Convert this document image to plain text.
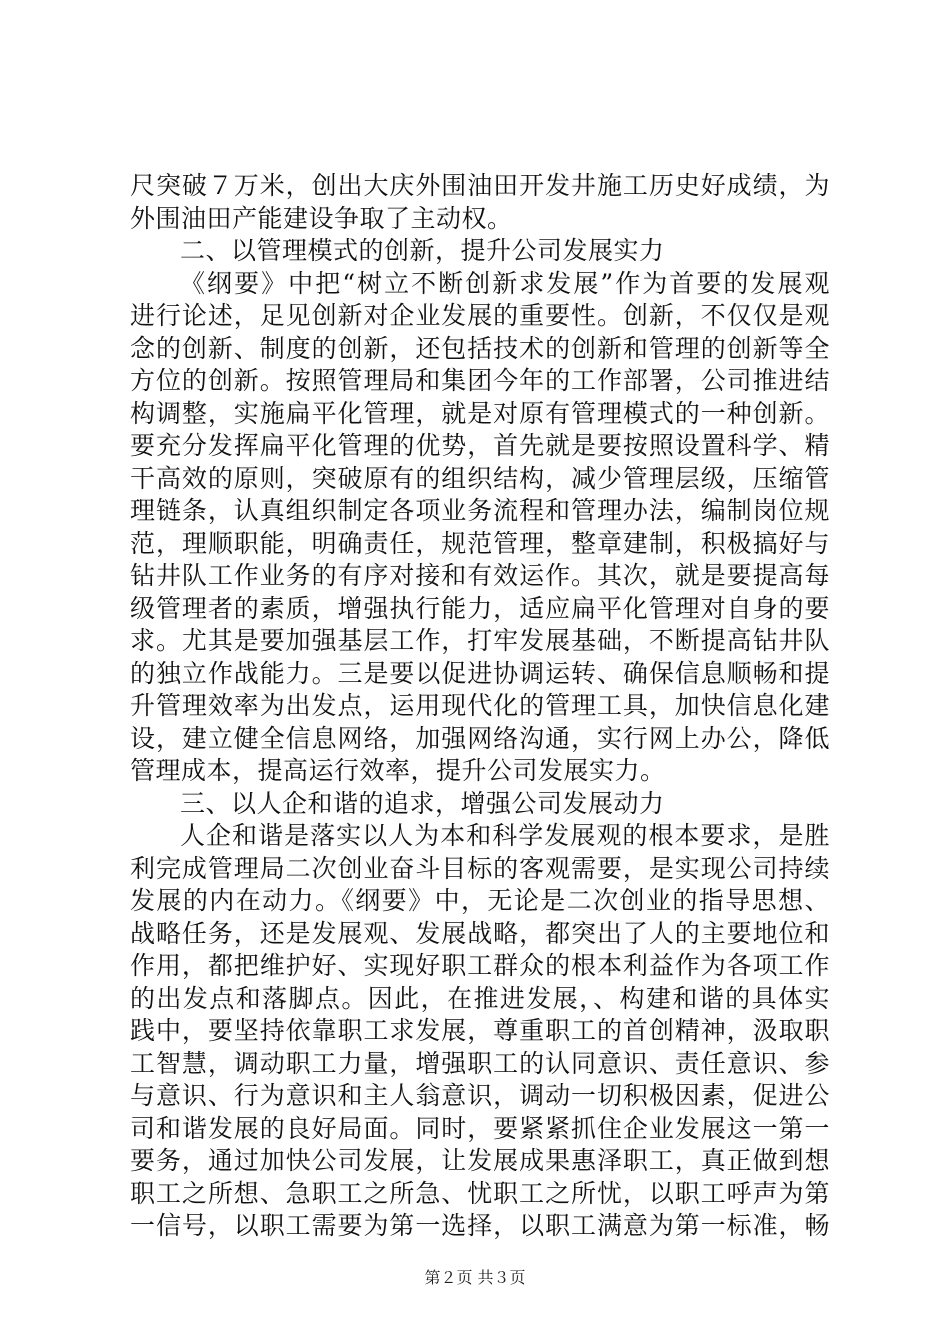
尺突破７万米，创出大庆外围油田开发井施工历史好成绩，为
外围油田产能建设争取了主动权。
二、以管理模式的创新，提升公司发展实力
《纲要》中把“树立不断创新求发展”作为首要的发展观
进行论述，足见创新对企业发展的重要性。创新，不仅仅是观
念的创新、制度的创新，还包括技术的创新和管理的创新等全
方位的创新。按照管理局和集团今年的工作部署，公司推进结
构调整，实施扁平化管理，就是对原有管理模式的一种创新。
要充分发挥扁平化管理的优势，首先就是要按照设置科学、精
干高效的原则，突破原有的组织结构，减少管理层级，压缩管
理链条，认真组织制定各项业务流程和管理办法，编制岗位规
范，理顺职能，明确责任，规范管理，整章建制，积极搞好与
钻井队工作业务的有序对接和有效运作。其次，就是要提高每
级管理者的素质，增强执行能力，适应扁平化管理对自身的要
求。尤其是要加强基层工作，打牢发展基础，不断提高钻井队
的独立作战能力。三是要以促进协调运转、确保信息顺畅和提
升管理效率为出发点，运用现代化的管理工具，加快信息化建
设，建立健全信息网络，加强网络沟通，实行网上办公，降低
管理成本，提高运行效率，提升公司发展实力。
三、以人企和谐的追求，增强公司发展动力
人企和谐是落实以人为本和科学发展观的根本要求，是胜
利完成管理局二次创业奋斗目标的客观需要，是实现公司持续
发展的内在动力。《纲要》中，无论是二次创业的指导思想、
战略任务，还是发展观、发展战略，都突出了人的主要地位和
作用，都把维护好、实现好职工群众的根本利益作为各项工作
的出发点和落脚点。因此，在推进发展，、构建和谐的具体实
践中，要坚持依靠职工求发展，尊重职工的首创精神，汲取职
工智慧，调动职工力量，增强职工的认同意识、责任意识、参
与意识、行为意识和主人翁意识，调动一切积极因素，促进公
司和谐发展的良好局面。同时，要紧紧抓住企业发展这一第一
要务，通过加快公司发展，让发展成果惠泽职工，真正做到想
职工之所想、急职工之所急、忧职工之所忧，以职工呼声为第
一信号，以职工需要为第一选择，以职工满意为第一标准，畅
第２页 共３页
